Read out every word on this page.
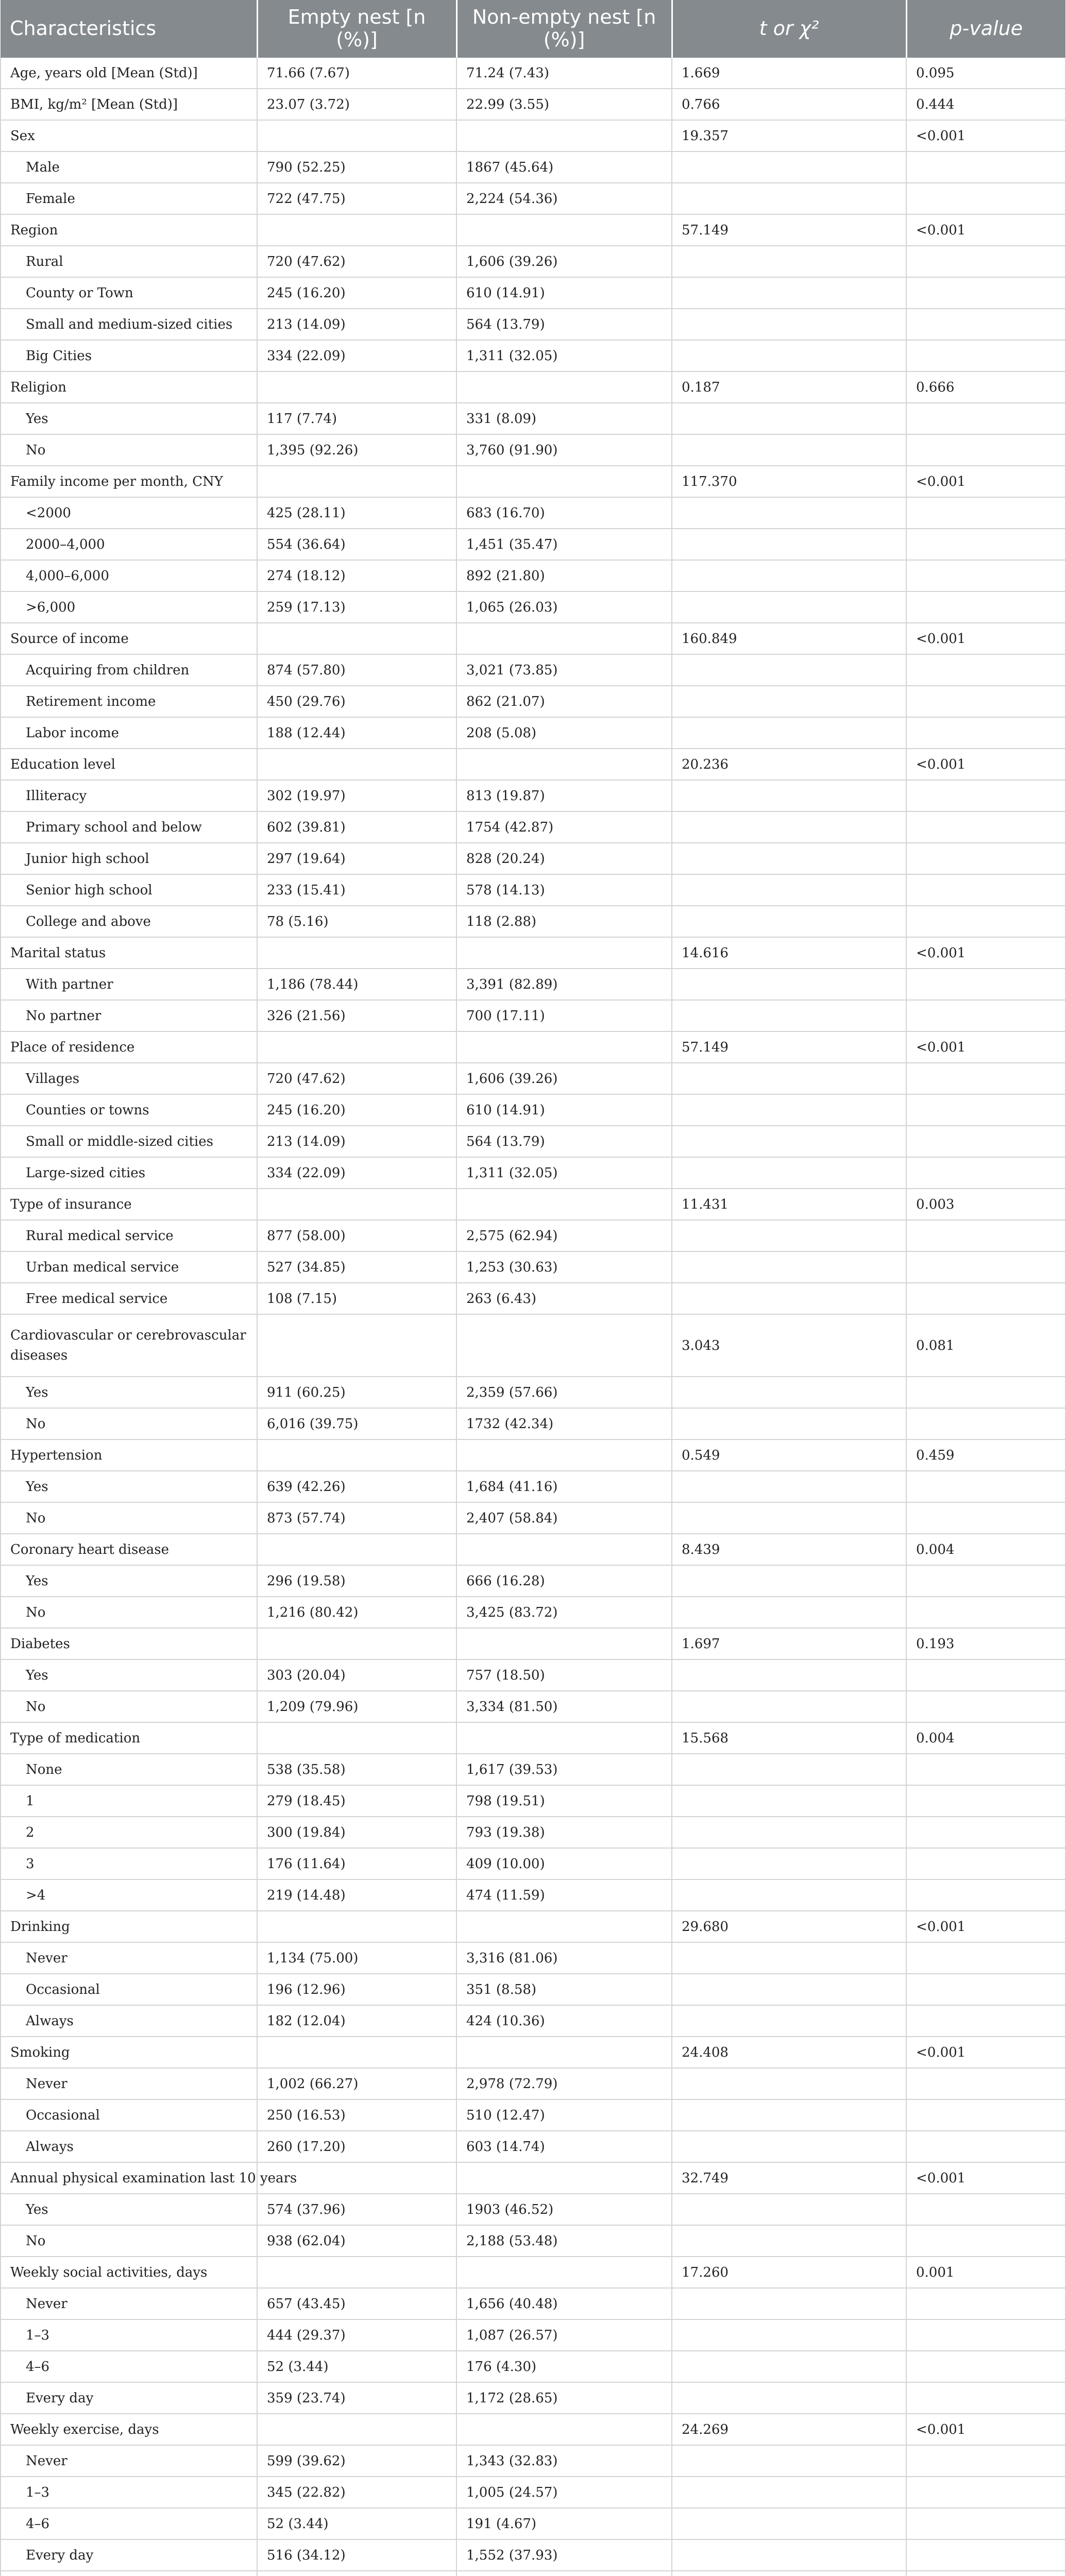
Characteristics	Empty nest [n (%)]	Non-empty nest [n (%)]	t or χ²	p-value
Age, years old [Mean (Std)]	71.66 (7.67)	71.24 (7.43)	1.669	0.095
BMI, kg/m² [Mean (Std)]	23.07 (3.72)	22.99 (3.55)	0.766	0.444
Sex			19.357	<0.001
Male	790 (52.25)	1867 (45.64)		
Female	722 (47.75)	2,224 (54.36)		
Region			57.149	<0.001
Rural	720 (47.62)	1,606 (39.26)		
County or Town	245 (16.20)	610 (14.91)		
Small and medium-sized cities	213 (14.09)	564 (13.79)		
Big Cities	334 (22.09)	1,311 (32.05)		
Religion			0.187	0.666
Yes	117 (7.74)	331 (8.09)		
No	1,395 (92.26)	3,760 (91.90)		
Family income per month, CNY			117.370	<0.001
<2000	425 (28.11)	683 (16.70)		
2000–4,000	554 (36.64)	1,451 (35.47)		
4,000–6,000	274 (18.12)	892 (21.80)		
>6,000	259 (17.13)	1,065 (26.03)		
Source of income			160.849	<0.001
Acquiring from children	874 (57.80)	3,021 (73.85)		
Retirement income	450 (29.76)	862 (21.07)		
Labor income	188 (12.44)	208 (5.08)		
Education level			20.236	<0.001
Illiteracy	302 (19.97)	813 (19.87)		
Primary school and below	602 (39.81)	1754 (42.87)		
Junior high school	297 (19.64)	828 (20.24)		
Senior high school	233 (15.41)	578 (14.13)		
College and above	78 (5.16)	118 (2.88)		
Marital status			14.616	<0.001
With partner	1,186 (78.44)	3,391 (82.89)		
No partner	326 (21.56)	700 (17.11)		
Place of residence			57.149	<0.001
Villages	720 (47.62)	1,606 (39.26)		
Counties or towns	245 (16.20)	610 (14.91)		
Small or middle-sized cities	213 (14.09)	564 (13.79)		
Large-sized cities	334 (22.09)	1,311 (32.05)		
Type of insurance			11.431	0.003
Rural medical service	877 (58.00)	2,575 (62.94)		
Urban medical service	527 (34.85)	1,253 (30.63)		
Free medical service	108 (7.15)	263 (6.43)		
Cardiovascular or cerebrovascular diseases			3.043	0.081
Yes	911 (60.25)	2,359 (57.66)		
No	6,016 (39.75)	1732 (42.34)		
Hypertension			0.549	0.459
Yes	639 (42.26)	1,684 (41.16)		
No	873 (57.74)	2,407 (58.84)		
Coronary heart disease			8.439	0.004
Yes	296 (19.58)	666 (16.28)		
No	1,216 (80.42)	3,425 (83.72)		
Diabetes			1.697	0.193
Yes	303 (20.04)	757 (18.50)		
No	1,209 (79.96)	3,334 (81.50)		
Type of medication			15.568	0.004
None	538 (35.58)	1,617 (39.53)		
1	279 (18.45)	798 (19.51)		
2	300 (19.84)	793 (19.38)		
3	176 (11.64)	409 (10.00)		
>4	219 (14.48)	474 (11.59)		
Drinking			29.680	<0.001
Never	1,134 (75.00)	3,316 (81.06)		
Occasional	196 (12.96)	351 (8.58)		
Always	182 (12.04)	424 (10.36)		
Smoking			24.408	<0.001
Never	1,002 (66.27)	2,978 (72.79)		
Occasional	250 (16.53)	510 (12.47)		
Always	260 (17.20)	603 (14.74)		
Annual physical examination last 10 years			32.749	<0.001
Yes	574 (37.96)	1903 (46.52)		
No	938 (62.04)	2,188 (53.48)		
Weekly social activities, days			17.260	0.001
Never	657 (43.45)	1,656 (40.48)		
1–3	444 (29.37)	1,087 (26.57)		
4–6	52 (3.44)	176 (4.30)		
Every day	359 (23.74)	1,172 (28.65)		
Weekly exercise, days			24.269	<0.001
Never	599 (39.62)	1,343 (32.83)		
1–3	345 (22.82)	1,005 (24.57)		
4–6	52 (3.44)	191 (4.67)		
Every day	516 (34.12)	1,552 (37.93)		
